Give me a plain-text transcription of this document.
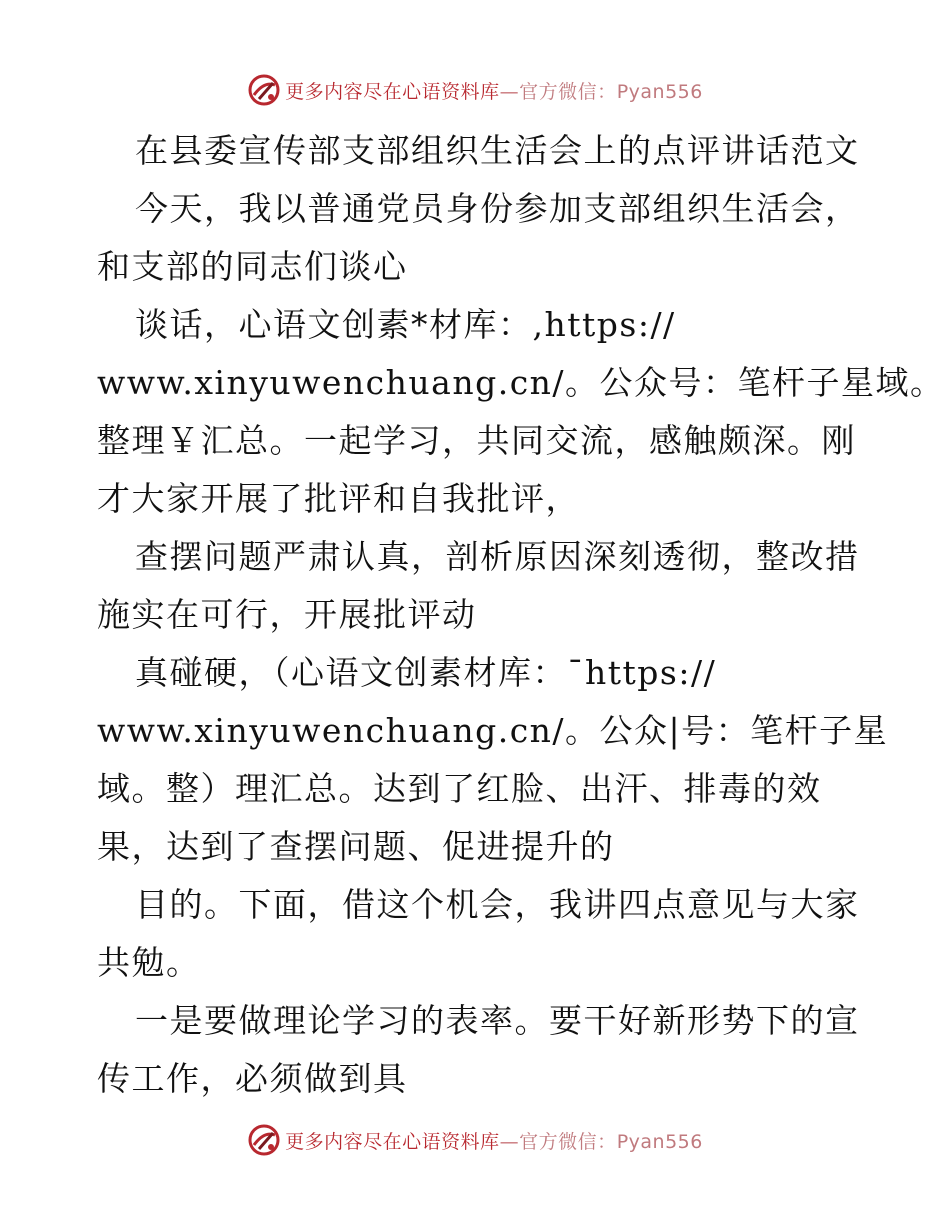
更多内容尽在心语资料库—官方微信：Pyan556
在县委宣传部支部组织生活会上的点评讲话范文
今天，我以普通党员身份参加支部组织生活会，
和支部的同志们谈心
谈话，心语文创素*材库：,https://
www.xinyuwenchuang.cn/。公众号：笔杆子星域。
整理￥汇总。一起学习，共同交流，感触颇深。刚
才大家开展了批评和自我批评，
查摆问题严肃认真，剖析原因深刻透彻，整改措
施实在可行，开展批评动
真碰硬，（心语文创素材库：¯https://
www.xinyuwenchuang.cn/。公众|号：笔杆子星
域。整）理汇总。达到了红脸、出汗、排毒的效
果，达到了查摆问题、促进提升的
目的。下面，借这个机会，我讲四点意见与大家
共勉。
一是要做理论学习的表率。要干好新形势下的宣
传工作，必须做到具
更多内容尽在心语资料库—官方微信：Pyan556
